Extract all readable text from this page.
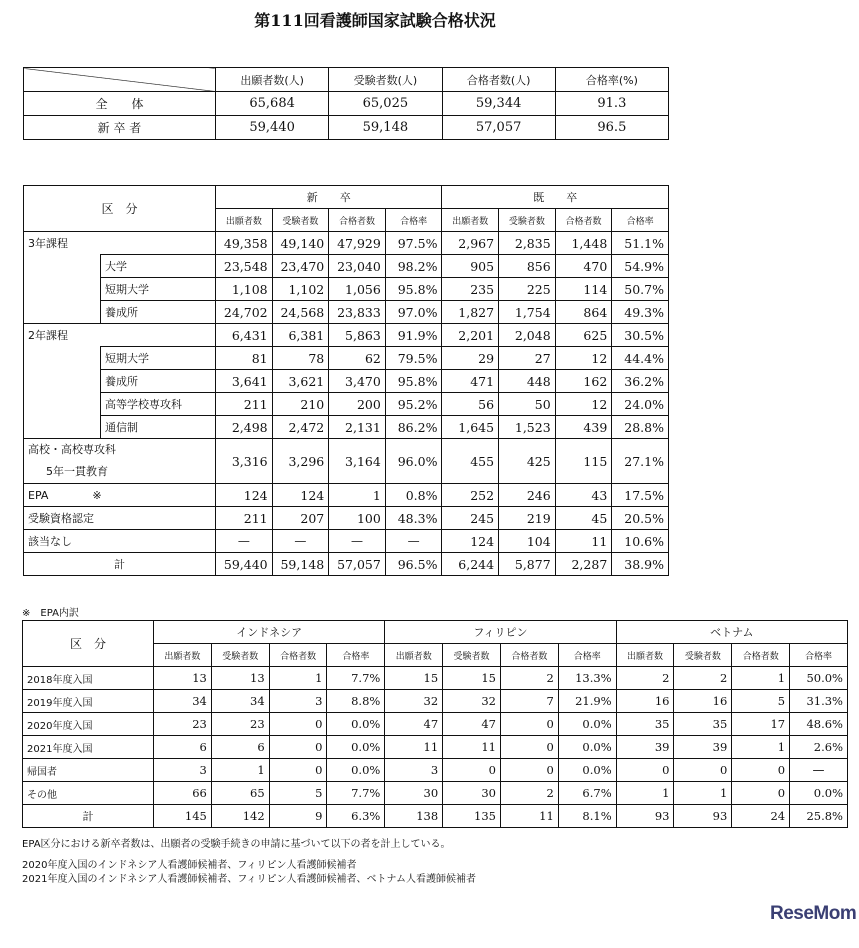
第111回看護師国家試験合格状況
	出願者数(人)	受験者数(人)	合格者数(人)	合格率(%)
全　　体	65,684	65,025	59,344	91.3
新 卒 者	59,440	59,148	57,057	96.5
区　分		新　　卒				既　　卒			
		出願者数	受験者数	合格者数	合格率	出願者数	受験者数	合格者数	合格率
3年課程		49,358	49,140	47,929	97.5%	2,967	2,835	1,448	51.1%
	大学	23,548	23,470	23,040	98.2%	905	856	470	54.9%
	短期大学	1,108	1,102	1,056	95.8%	235	225	114	50.7%
	養成所	24,702	24,568	23,833	97.0%	1,827	1,754	864	49.3%
2年課程		6,431	6,381	5,863	91.9%	2,201	2,048	625	30.5%
	短期大学	81	78	62	79.5%	29	27	12	44.4%
	養成所	3,641	3,621	3,470	95.8%	471	448	162	36.2%
	高等学校専攻科	211	210	200	95.2%	56	50	12	24.0%
	通信制	2,498	2,472	2,131	86.2%	1,645	1,523	439	28.8%

高校・高校専攻科
5年一貫教育		3,316	3,296	3,164	96.0%	455	425	115	27.1%
EPA　　　　※		124	124	1	0.8%	252	246	43	17.5%
受験資格認定		211	207	100	48.3%	245	219	45	20.5%
該当なし		—	—	—	—	124	104	11	10.6%
計		59,440	59,148	57,057	96.5%	6,244	5,877	2,287	38.9%
※　EPA内訳
区　分	インドネシア				フィリピン				ベトナム			
	出願者数	受験者数	合格者数	合格率	出願者数	受験者数	合格者数	合格率	出願者数	受験者数	合格者数	合格率
2018年度入国	13	13	1	7.7%	15	15	2	13.3%	2	2	1	50.0%
2019年度入国	34	34	3	8.8%	32	32	7	21.9%	16	16	5	31.3%
2020年度入国	23	23	0	0.0%	47	47	0	0.0%	35	35	17	48.6%
2021年度入国	6	6	0	0.0%	11	11	0	0.0%	39	39	1	2.6%
帰国者	3	1	0	0.0%	3	0	0	0.0%	0	0	0	—
その他	66	65	5	7.7%	30	30	2	6.7%	1	1	0	0.0%
計	145	142	9	6.3%	138	135	11	8.1%	93	93	24	25.8%
EPA区分における新卒者数は、出願者の受験手続きの申請に基づいて以下の者を計上している。
2020年度入国のインドネシア人看護師候補者、フィリピン人看護師候補者
2021年度入国のインドネシア人看護師候補者、フィリピン人看護師候補者、ベトナム人看護師候補者
ReseMom
